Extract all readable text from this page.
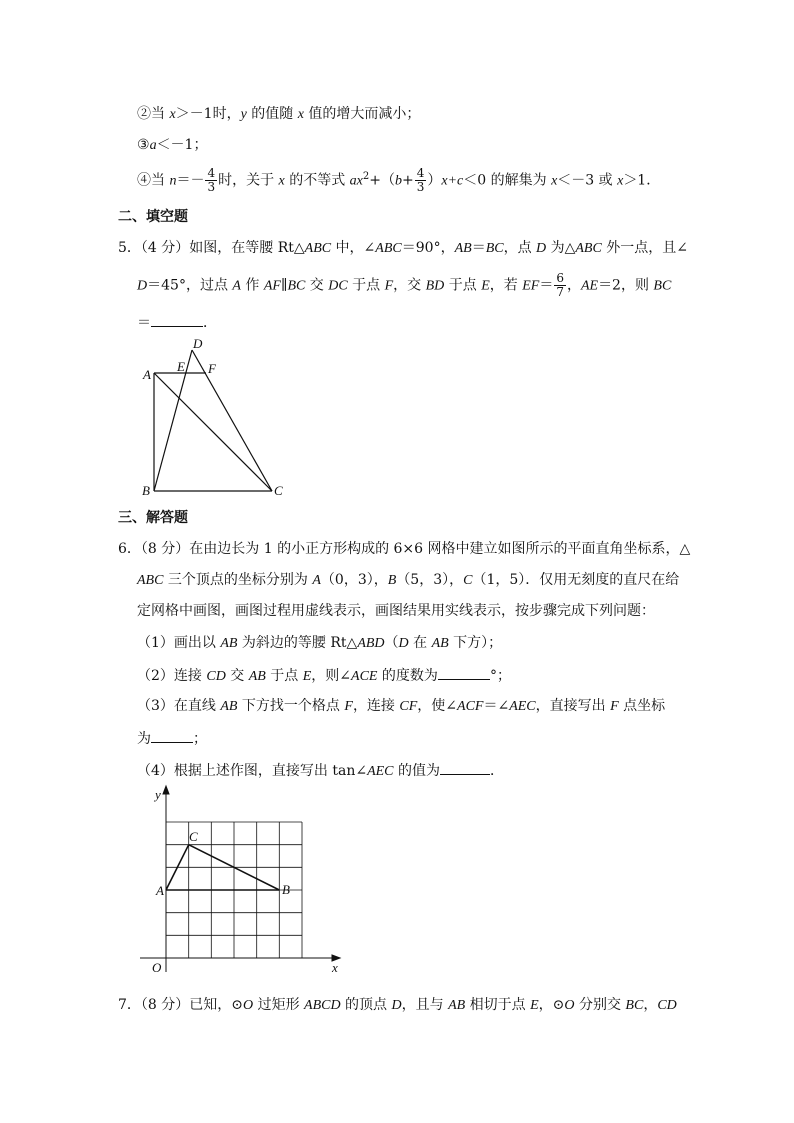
②当 x＞－1时，y 的值随 x 值的增大而减小；
③a＜－1；
④当 $n=- \frac{4}{3}$ 时，关于 x 的不等式 $ax^2+(b+ \frac{4}{3} )x+c<0$ 的解集为 x＜－3 或 x＞1．
二、填空题
5．（4 分）如图，在等腰 Rt△ABC 中，∠ABC＝90°，AB＝BC，点 D 为△ABC 外一点，且∠
D＝45°，过点 A 作 AF∥BC 交 DC 于点 F，交 BD 于点 E，若 $EF= \frac{6}{7}$ ，AE＝2，则 BC
＝	．
A
B	C
D
E F
三、解答题
6．（8 分）在由边长为 1 的小正方形构成的 6×6 网格中建立如图所示的平面直角坐标系，△
ABC 三个顶点的坐标分别为 A（0，3），B（5，3），C（1，5）．仅用无刻度的直尺在给
定网格中画图，画图过程用虚线表示，画图结果用实线表示，按步骤完成下列问题：
（1）画出以 AB 为斜边的等腰 Rt△ABD（D 在 AB 下方）；
（2）连接 CD 交 AB 于点 E，则∠ACE 的度数为	°；
（3）在直线 AB 下方找一个格点 F，连接 CF，使∠ACF＝∠AEC，直接写出 F 点坐标
为	；
（4）根据上述作图，直接写出 tan∠AEC 的值为	．
y
x
O
A	B
C
7．（8 分）已知，⊙O 过矩形 ABCD 的顶点 D，且与 AB 相切于点 E，⊙O 分别交 BC，CD
